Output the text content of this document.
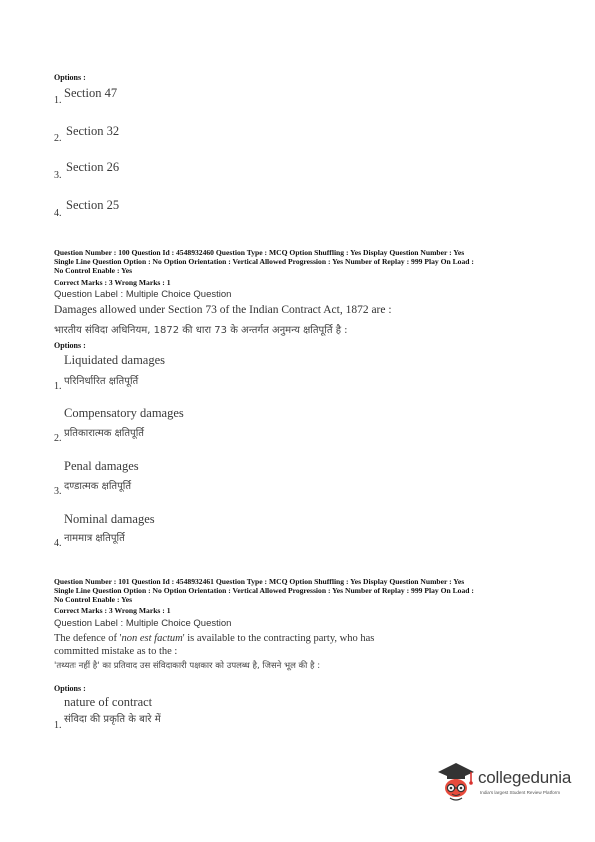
Options :
1.
Section 47
2.
Section 32
3.
Section 26
4.
Section 25
Question Number : 100 Question Id : 4548932460 Question Type : MCQ Option Shuffling : Yes Display Question Number : Yes
Single Line Question Option : No Option Orientation : Vertical Allowed Progression : Yes Number of Replay : 999 Play On Load :
No Control Enable : Yes
Correct Marks : 3 Wrong Marks : 1
Question Label : Multiple Choice Question
Damages allowed under Section 73 of the Indian Contract Act, 1872 are :
भारतीय संविदा अधिनियम, 1872 की धारा 73 के अन्तर्गत अनुमन्य क्षतिपूर्ति है :
Options :
Liquidated damages
1. परिनिर्धारित क्षतिपूर्ति
Compensatory damages
2. प्रतिकारात्मक क्षतिपूर्ति
Penal damages
3. दण्डात्मक क्षतिपूर्ति
Nominal damages
4. नाममात्र क्षतिपूर्ति
Question Number : 101 Question Id : 4548932461 Question Type : MCQ Option Shuffling : Yes Display Question Number : Yes
Single Line Question Option : No Option Orientation : Vertical Allowed Progression : Yes Number of Replay : 999 Play On Load :
No Control Enable : Yes
Correct Marks : 3 Wrong Marks : 1
Question Label : Multiple Choice Question
The defence of 'non est factum' is available to the contracting party, who has
committed mistake as to the :
'तथ्यतः नहीं है' का प्रतिवाद उस संविदाकारी पक्षकार को उपलब्ध है, जिसने भूल की है :
Options :
nature of contract
1.
संविदा की प्रकृति के बारे में
collegedunia
India's largest Student Review Platform
